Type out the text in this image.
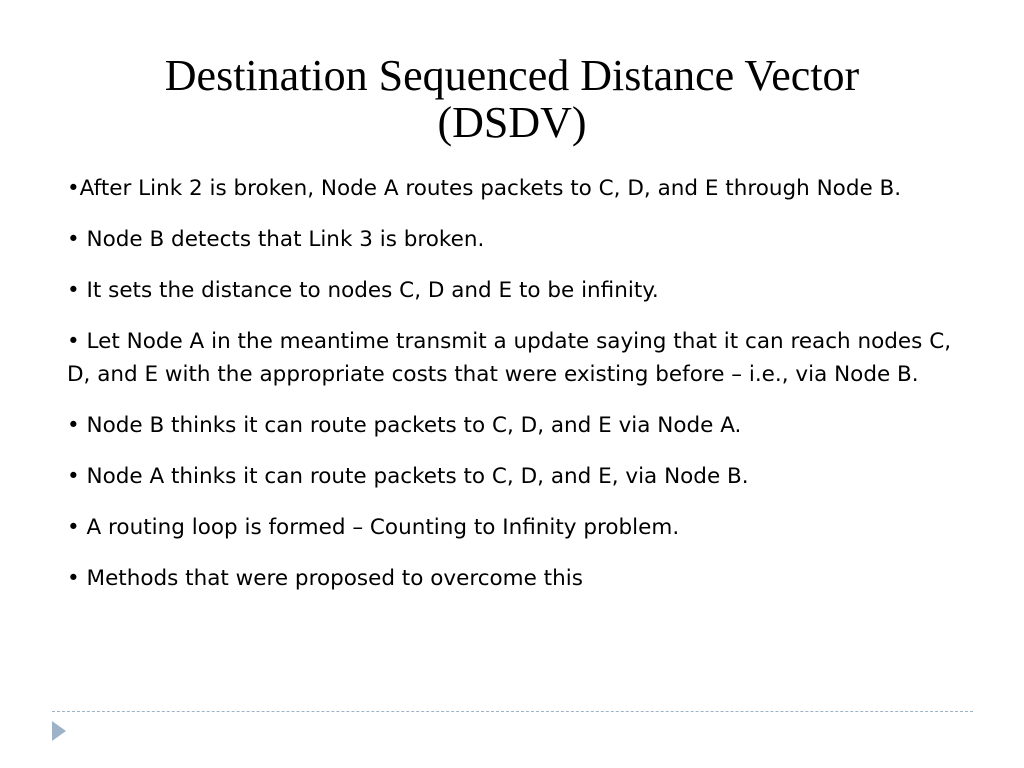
Destination Sequenced Distance Vector
(DSDV)
•After Link 2 is broken, Node A routes packets to C, D, and E through Node B.
• Node B detects that Link 3 is broken.
• It sets the distance to nodes C, D and E to be infinity.
• Let Node A in the meantime transmit a update saying that it can reach nodes C, D, and E with the appropriate costs that were existing before – i.e., via Node B.
• Node B thinks it can route packets to C, D, and E via Node A.
• Node A thinks it can route packets to C, D, and E, via Node B.
• A routing loop is formed – Counting to Infinity problem.
• Methods that were proposed to overcome this
